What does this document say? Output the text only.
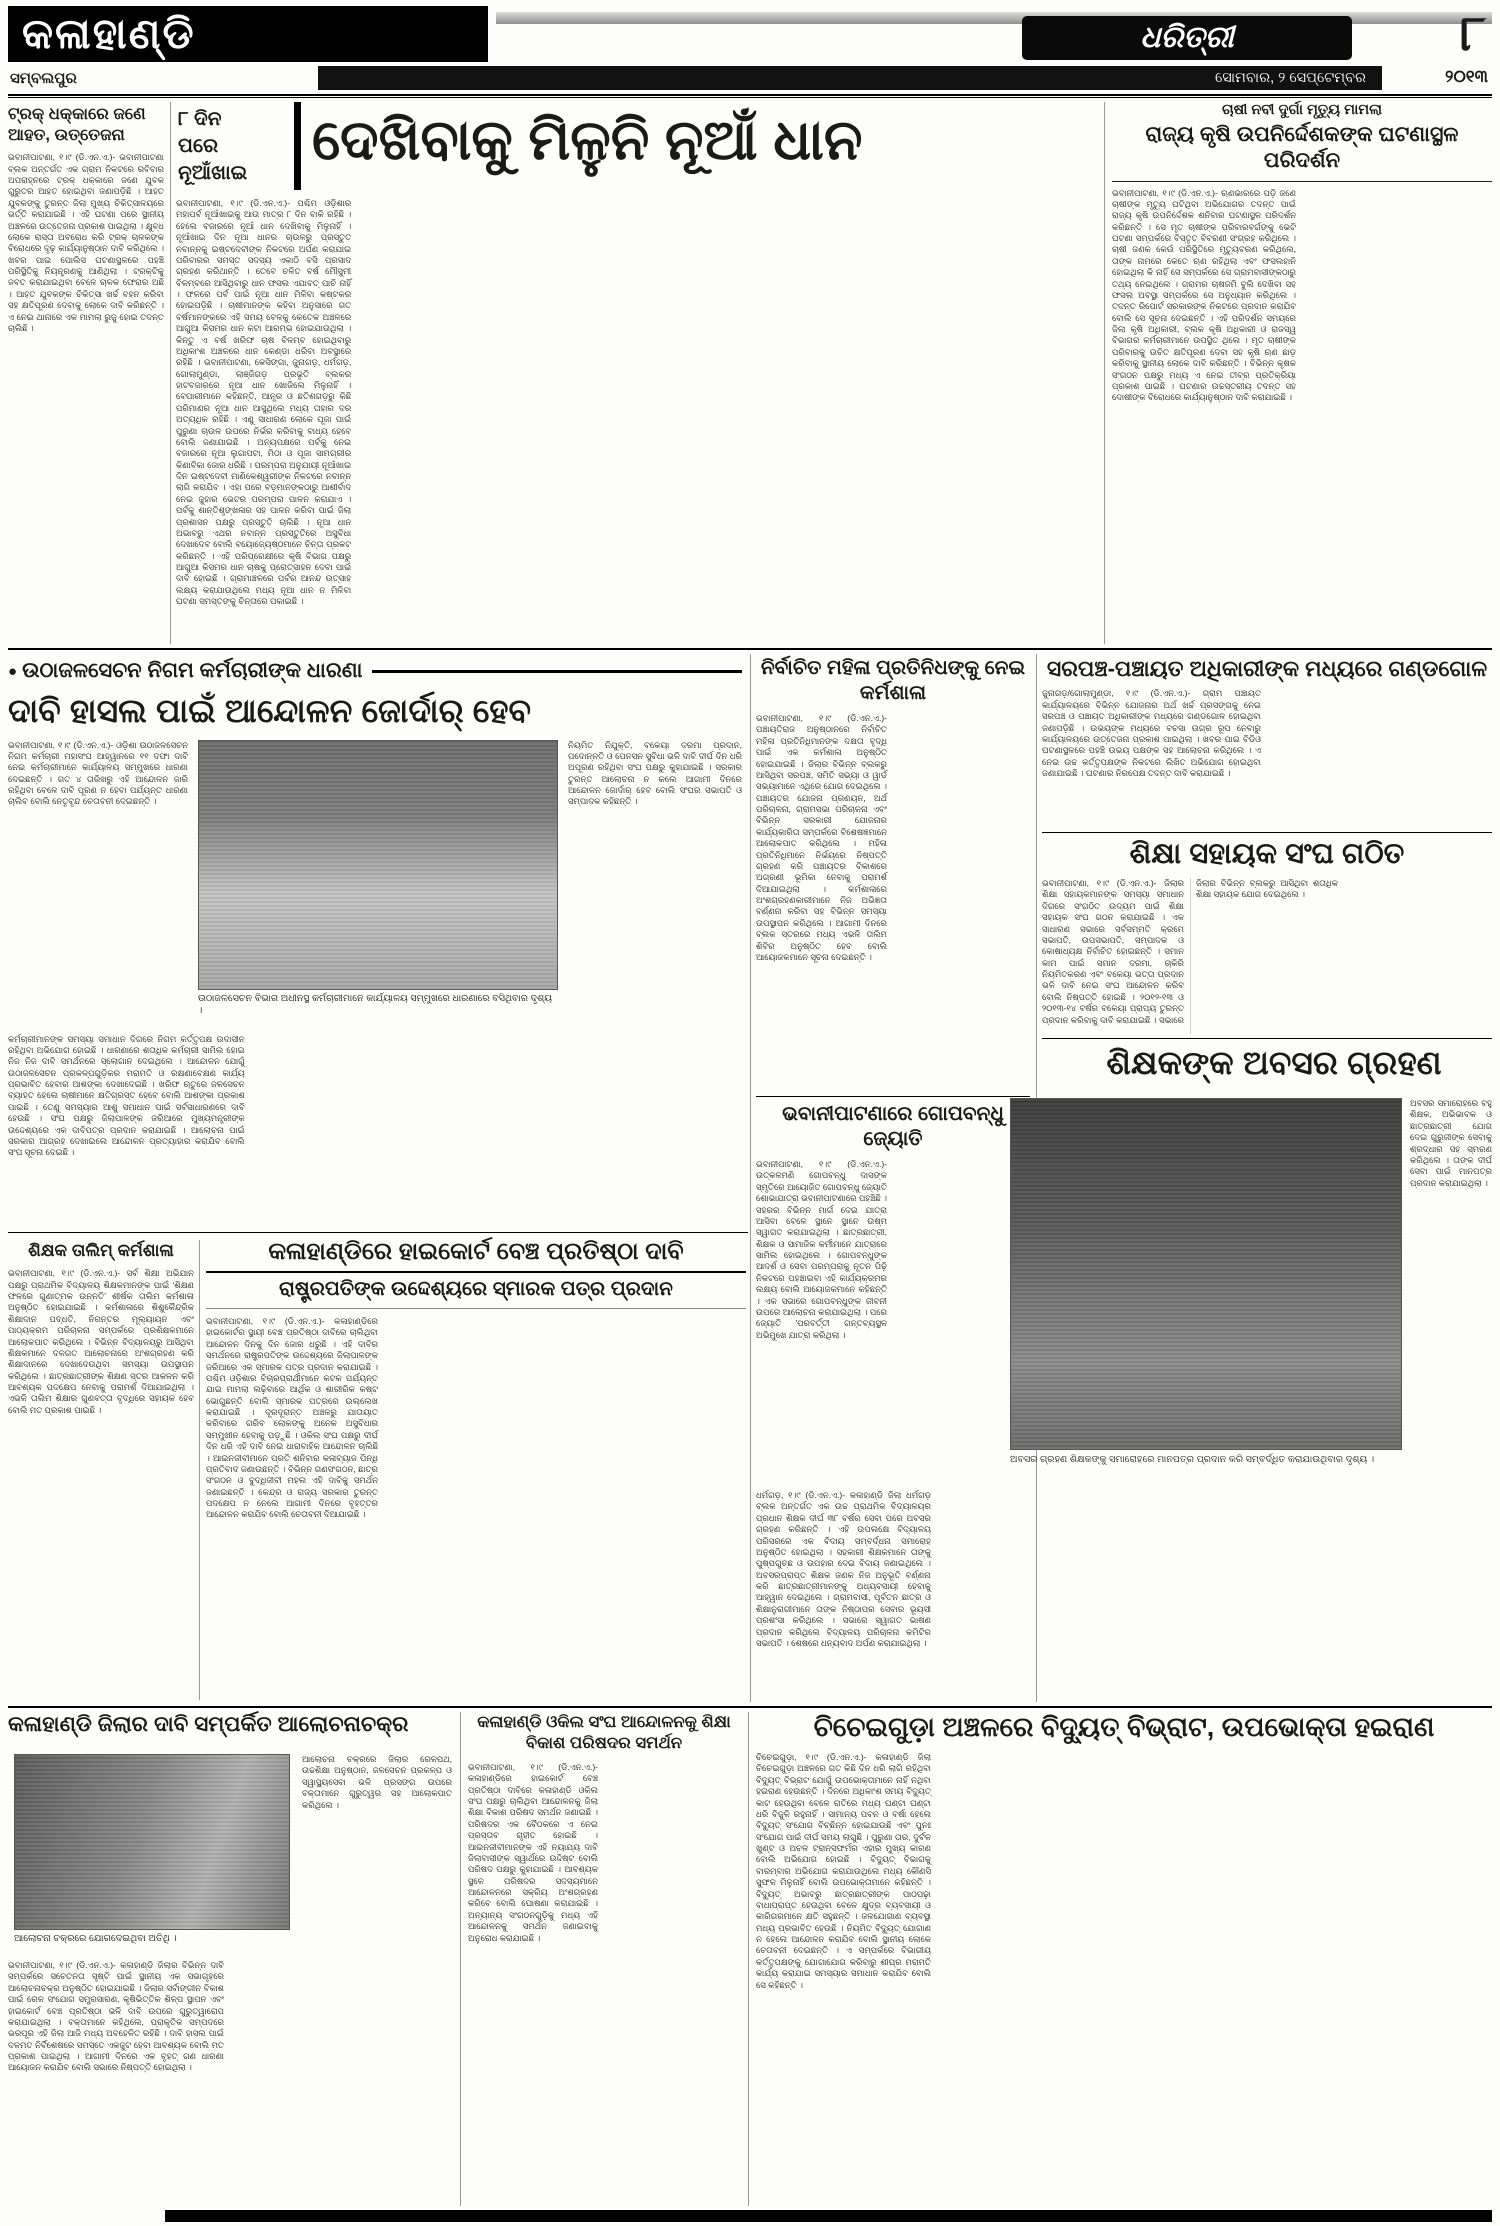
କଳାହାଣ୍ଡି	ଧରିତ୍ରୀ	୮
ସମ୍ବଲପୁର	ସୋମବାର, ୨ ସେପ୍ଟେମ୍ବର	୨୦୧୩
ଟ୍ରକ୍ ଧକ୍କାରେ ଜଣେ ଆହତ, ଉତ୍ତେଜନା
ଭବାନୀପାଟଣା, ୧।୯ (ଡି.ଏନ.ଏ.)- ଭବାନୀପାଟଣା ବ୍ଲକ ଅନ୍ତର୍ଗତ ଏକ ଗ୍ରାମ ନିକଟରେ ରବିବାର ଅପରାହ୍ନରେ ଟ୍ରକ୍ ଧକ୍କାରେ ଜଣେ ଯୁବକ ଗୁରୁତର ଆହତ ହୋଇଥିବା ଜଣାପଡ଼ିଛି । ଆହତ ଯୁବକଙ୍କୁ ତୁରନ୍ତ ଜିଲା ମୁଖ୍ୟ ଚିକିତ୍ସାଳୟରେ ଭର୍ତ୍ତି କରାଯାଇଛି । ଏହି ଘଟଣା ପରେ ସ୍ଥାନୀୟ ଅଞ୍ଚଳରେ ଉତ୍ତେଜନା ପ୍ରକାଶ ପାଇଥିଲା । କ୍ଷୁବ୍ଧ ଲୋକେ ରାସ୍ତା ଅବରୋଧ କରି ଟ୍ରକ୍ ଚାଳକଙ୍କ ବିରୋଧରେ ଦୃଢ଼ କାର୍ଯ୍ୟାନୁଷ୍ଠାନ ଦାବି କରିଥିଲେ । ଖବର ପାଇ ପୋଲିସ ଘଟଣାସ୍ଥଳରେ ପହଞ୍ଚି ପରିସ୍ଥିତିକୁ ନିୟନ୍ତ୍ରଣକୁ ଆଣିଥିଲା । ଟ୍ରକ୍‌ଟିକୁ ଜବତ କରାଯାଇଥିବା ବେଳେ ଚାଳକ ଫେରାର ଅଛି । ଆହତ ଯୁବକଙ୍କ ଚିକିତ୍ସା ଖର୍ଚ୍ଚ ବହନ କରିବା ସହ କ୍ଷତିପୂରଣ ଦେବାକୁ ଲୋକେ ଦାବି କରିଛନ୍ତି । ଏ ନେଇ ଥାନାରେ ଏକ ମାମଲା ରୁଜୁ ହୋଇ ତଦନ୍ତ ଚାଲିଛି ।
୮ ଦିନ
ପରେ
ନୂଆଁଖାଇ
ଦେଖିବାକୁ ମିଳୁନି ନୂଆଁ ଧାନ
ଭବାନୀପାଟଣା, ୧।୯ (ଡି.ଏନ.ଏ.)- ପଶ୍ଚିମ ଓଡ଼ିଶାର ମହାପର୍ବ ନୂଆଁଖାଇକୁ ଆଉ ମାତ୍ର ୮ ଦିନ ବାକି ରହିଛି । ହେଲେ ବଜାରରେ ନୂଆଁ ଧାନ ଦେଖିବାକୁ ମିଳୁନାହିଁ । ନୂଆଁଖାଇ ଦିନ ନୂଆ ଧାନର ଚାଉଳରୁ ପ୍ରସ୍ତୁତ ନବାନ୍ନକୁ ଇଷ୍ଟଦେବୀଙ୍କ ନିକଟରେ ଅର୍ପଣ କରାଯାଇ ପରିବାରର ସମସ୍ତ ସଦସ୍ୟ ଏକାଠି ବସି ପ୍ରସାଦ ଗ୍ରହଣ କରିଥାନ୍ତି । ତେବେ ଚଳିତ ବର୍ଷ ମୌସୁମୀ ବିଳମ୍ବରେ ଆସିଥିବାରୁ ଧାନ ଫସଲ ଏଯାବତ୍ ପାଚି ନାହିଁ । ଫଳରେ ପର୍ବ ପାଇଁ ନୂଆ ଧାନ ମିଳିବା କଷ୍ଟକର ହୋଇପଡ଼ିଛି । ଚାଷୀମାନଙ୍କ କହିବା ଅନୁସାରେ ଗତ ବର୍ଷମାନଙ୍କରେ ଏହି ସମୟ ବେଳକୁ କେତେକ ଅଞ୍ଚଳରେ ଆଗୁଆ କିସମର ଧାନ କଟା ଆରମ୍ଭ ହୋଇଯାଉଥିଲା । କିନ୍ତୁ ଏ ବର୍ଷ ଖରିଫ ଚାଷ ବିଳମ୍ବ ହୋଇଥିବାରୁ ଅଧିକାଂଶ ଅଞ୍ଚଳରେ ଧାନ କେଣ୍ଡା ଧରିବା ଅବସ୍ଥାରେ ରହିଛି । ଭବାନୀପାଟଣା, କେସିଙ୍ଗା, ଜୁନାଗଡ଼, ଧର୍ମଗଡ଼, ଗୋଲାମୁଣ୍ଡା, ଲାଞ୍ଜିଗଡ଼ ପ୍ରଭୃତି ବ୍ଲକର ହାଟବଜାରରେ ନୂଆ ଧାନ ଖୋଜିଲେ ମିଳୁନାହିଁ । ବେପାରୀମାନେ କହିଛନ୍ତି, ଆନ୍ଧ୍ର ଓ ଛତିଶଗଡ଼ରୁ କିଛି ପରିମାଣର ନୂଆ ଧାନ ଆସୁଥିଲେ ମଧ୍ୟ ତାହାର ଦର ଅତ୍ୟଧିକ ରହିଛି । ଏଣୁ ସାଧାରଣ ଲୋକେ ପୂଜା ପାଇଁ ପୁରୁଣା ଚାଉଳ ଉପରେ ନିର୍ଭର କରିବାକୁ ବାଧ୍ୟ ହେବେ ବୋଲି ଜଣାଯାଇଛି । ଅନ୍ୟପକ୍ଷରେ ପର୍ବକୁ ନେଇ ବଜାରରେ ନୂଆ ଲୁଗାପଟା, ମିଠା ଓ ପୂଜା ସାମଗ୍ରୀର କିଣାବିକା ଜୋର ଧରିଛି । ପରମ୍ପରା ଅନୁଯାୟୀ ନୂଆଁଖାଇ ଦିନ ଇଷ୍ଟଦେବୀ ମାଣିକେଶ୍ୱରୀଙ୍କ ନିକଟରେ ନବାନ୍ନ ଲାଗି କରାଯିବ । ଏହା ପରେ ବଡ଼ମାନଙ୍କଠାରୁ ଆଶୀର୍ବାଦ ନେଇ ଜୁହାର ଭେଟର ପରମ୍ପରା ପାଳନ କରାଯାଏ । ପର୍ବକୁ ଶାନ୍ତିଶୃଙ୍ଖଳାର ସହ ପାଳନ କରିବା ପାଇଁ ଜିଲା ପ୍ରଶାସନ ପକ୍ଷରୁ ପ୍ରସ୍ତୁତି ଚାଲିଛି । ନୂଆ ଧାନ ଅଭାବରୁ ଏଥର ନବାନ୍ନ ପ୍ରସ୍ତୁତିରେ ଅସୁବିଧା ଦେଖାଦେବ ବୋଲି ବୟୋଜ୍ୟେଷ୍ଠମାନେ ଚିନ୍ତା ପ୍ରକଟ କରିଛନ୍ତି । ଏହି ପରିପ୍ରେକ୍ଷୀରେ କୃଷି ବିଭାଗ ପକ୍ଷରୁ ଆଗୁଆ କିସମର ଧାନ ଚାଷକୁ ପ୍ରୋତ୍ସାହନ ଦେବା ପାଇଁ ଦାବି ହୋଇଛି । ଗ୍ରାମାଞ୍ଚଳରେ ପର୍ବର ଆନନ୍ଦ ଉତ୍ସାହ ଲକ୍ଷ୍ୟ କରାଯାଉଥିଲେ ମଧ୍ୟ ନୂଆ ଧାନ ନ ମିଳିବା ଘଟଣା ସମସ୍ତଙ୍କୁ ଚିନ୍ତାରେ ପକାଇଛି ।
ଚାଷୀ ନବୀ ଦୁର୍ଗା ମୃତ୍ୟୁ ମାମଲା
ରାଜ୍ୟ କୃଷି ଉପନିର୍ଦ୍ଦେଶକଙ୍କ ଘଟଣାସ୍ଥଳ ପରିଦର୍ଶନ
ଭବାନୀପାଟଣା, ୧।୯ (ଡି.ଏନ.ଏ.)- ଋଣଭାରରେ ପଡ଼ି ଜଣେ ଚାଷୀଙ୍କ ମୃତ୍ୟୁ ଘଟିଥିବା ଅଭିଯୋଗର ତଦନ୍ତ ପାଇଁ ରାଜ୍ୟ କୃଷି ଉପନିର୍ଦ୍ଦେଶକ ଶନିବାର ଘଟଣାସ୍ଥଳ ପରିଦର୍ଶନ କରିଛନ୍ତି । ସେ ମୃତ ଚାଷୀଙ୍କ ପରିବାରବର୍ଗଙ୍କୁ ଭେଟି ଘଟଣା ସମ୍ପର୍କରେ ବିସ୍ତୃତ ବିବରଣୀ ସଂଗ୍ରହ କରିଥିଲେ । ଚାଷୀ ଜଣକ କେଉଁ ପରିସ୍ଥିତିରେ ମୃତ୍ୟୁବରଣ କରିଥିଲେ, ତାଙ୍କ ନାମରେ କେତେ ଋଣ ରହିଥିଲା ଏବଂ ଫସଲହାନି ହୋଇଥିଲା କି ନାହିଁ ସେ ସମ୍ପର୍କରେ ସେ ଗ୍ରାମବାସୀଙ୍କଠାରୁ ତଥ୍ୟ ନେଇଥିଲେ । ଗ୍ରାମର ଚାଷଜମି ବୁଲି ଦେଖିବା ସହ ଫସଲ ଅବସ୍ଥା ସମ୍ପର୍କରେ ସେ ଅନୁଧ୍ୟାନ କରିଥିଲେ । ତଦନ୍ତ ରିପୋର୍ଟ ସରକାରଙ୍କ ନିକଟରେ ପ୍ରଦାନ କରାଯିବ ବୋଲି ସେ ସୂଚନା ଦେଇଛନ୍ତି । ଏହି ପରିଦର୍ଶନ ସମୟରେ ଜିଲା କୃଷି ଅଧିକାରୀ, ବ୍ଲକ କୃଷି ଅଧିକାରୀ ଓ ରାଜସ୍ୱ ବିଭାଗର କର୍ମଚାରୀମାନେ ଉପସ୍ଥିତ ଥିଲେ । ମୃତ ଚାଷୀଙ୍କ ପରିବାରକୁ ଉଚିତ କ୍ଷତିପୂରଣ ଦେବା ସହ କୃଷି ଋଣ ଛାଡ଼ କରିବାକୁ ସ୍ଥାନୀୟ ଲୋକେ ଦାବି କରିଛନ୍ତି । ବିଭିନ୍ନ କୃଷକ ସଂଗଠନ ପକ୍ଷରୁ ମଧ୍ୟ ଏ ନେଇ ତୀବ୍ର ପ୍ରତିକ୍ରିୟା ପ୍ରକାଶ ପାଇଛି । ଘଟଣାର ଉଚ୍ଚସ୍ତରୀୟ ତଦନ୍ତ ସହ ଦୋଷୀଙ୍କ ବିରୋଧରେ କାର୍ଯ୍ୟାନୁଷ୍ଠାନ ଦାବି କରାଯାଇଛି ।
● ଉଠାଜଳସେଚନ ନିଗମ କର୍ମଚାରୀଙ୍କ ଧାରଣା
ଦାବି ହାସଲ ପାଇଁ ଆନ୍ଦୋଳନ ଜୋର୍ଦାର୍ ହେବ
ଭବାନୀପାଟଣା, ୧।୯ (ଡି.ଏନ.ଏ.)- ଓଡ଼ିଶା ଉଠାଜଳସେଚନ ନିଗମ କର୍ମଚାରୀ ମହାସଂଘ ଆହ୍ୱାନରେ ୧୧ ଦଫା ଦାବି ନେଇ କର୍ମଚାରୀମାନେ କାର୍ଯ୍ୟାଳୟ ସମ୍ମୁଖରେ ଧାରଣା ଦେଇଛନ୍ତି । ଗତ ୪ ତାରିଖରୁ ଏହି ଆନ୍ଦୋଳନ ଜାରି ରହିଥିବା ବେଳେ ଦାବି ପୂରଣ ନ ହେବା ପର୍ଯ୍ୟନ୍ତ ଧାରଣା ଚାଲିବ ବୋଲି ନେତୃବୃନ୍ଦ ଚେତାବନୀ ଦେଇଛନ୍ତି ।
ଉଠାଜଳସେଚନ ବିଭାଗ ଅଧୀନସ୍ଥ କର୍ମଚାରୀମାନେ କାର୍ଯ୍ୟାଳୟ ସମ୍ମୁଖରେ ଧାରଣାରେ ବସିଥିବାର ଦୃଶ୍ୟ ।
ନିୟମିତ ନିଯୁକ୍ତି, ବକେୟା ଦରମା ପ୍ରଦାନ, ପଦୋନ୍ନତି ଓ ପେନସନ ସୁବିଧା ଭଳି ଦାବି ଦୀର୍ଘ ଦିନ ଧରି ଅପୂରଣ ରହିଥିବା ସଂଘ ପକ୍ଷରୁ କୁହାଯାଇଛି । ସରକାର ତୁରନ୍ତ ଆଲୋଚନା ନ କଲେ ଆଗାମୀ ଦିନରେ ଆନ୍ଦୋଳନ ଜୋର୍ଦାର୍ ହେବ ବୋଲି ସଂଘର ସଭାପତି ଓ ସମ୍ପାଦକ କହିଛନ୍ତି ।
କର୍ମଚାରୀମାନଙ୍କ ସମସ୍ୟା ସମାଧାନ ଦିଗରେ ନିଗମ କର୍ତ୍ତୃପକ୍ଷ ଉଦାସୀନ ରହିଥିବା ଅଭିଯୋଗ ହୋଇଛି । ଧାରଣାରେ ଶତାଧିକ କର୍ମଚାରୀ ସାମିଲ ହୋଇ ନିଜ ନିଜ ଦାବି ସମର୍ଥନରେ ସ୍ଲୋଗାନ ଦେଇଥିଲେ । ଆନ୍ଦୋଳନ ଯୋଗୁଁ ଉଠାଜଳସେଚନ ପ୍ରକଳ୍ପଗୁଡ଼ିକର ମରାମତି ଓ ରକ୍ଷଣାବେକ୍ଷଣ କାର୍ଯ୍ୟ ପ୍ରଭାବିତ ହେବାର ଆଶଙ୍କା ଦେଖାଦେଇଛି । ଖରିଫ ଋତୁରେ ଜଳସେଚନ ବ୍ୟାହତ ହେଲେ ଚାଷୀମାନେ କ୍ଷତିଗ୍ରସ୍ତ ହେବେ ବୋଲି ଆଶଙ୍କା ପ୍ରକାଶ ପାଇଛି । ତେଣୁ ସମସ୍ୟାର ଆଶୁ ସମାଧାନ ପାଇଁ ସର୍ବସାଧାରଣରେ ଦାବି ହେଉଛି । ସଂଘ ପକ୍ଷରୁ ଜିଲାପାଳଙ୍କ ଜରିଆରେ ମୁଖ୍ୟମନ୍ତ୍ରୀଙ୍କ ଉଦ୍ଦେଶ୍ୟରେ ଏକ ଦାବିପତ୍ର ପ୍ରଦାନ କରାଯାଇଛି । ଆଲୋଚନା ପାଇଁ ସରକାର ଆଗ୍ରହ ଦେଖାଇଲେ ଆନ୍ଦୋଳନ ପ୍ରତ୍ୟାହାର କରାଯିବ ବୋଲି ସଂଘ ସୂଚନା ଦେଇଛି ।
ଶିକ୍ଷକ ତାଲିମ୍ କର୍ମଶାଳା
ଭବାନୀପାଟଣା, ୧।୯ (ଡି.ଏନ.ଏ.)- ସର୍ବ ଶିକ୍ଷା ଅଭିଯାନ ପକ୍ଷରୁ ପ୍ରାଥମିକ ବିଦ୍ୟାଳୟ ଶିକ୍ଷକମାନଙ୍କ ପାଇଁ ‘ଶିକ୍ଷଣ ଫଳରେ ଗୁଣାତ୍ମକ ଉନ୍ନତି’ ଶୀର୍ଷକ ତାଲିମ କର୍ମଶାଳା ଅନୁଷ୍ଠିତ ହୋଇଯାଇଛି । କର୍ମଶାଳାରେ ଶିଶୁକୈନ୍ଦ୍ରିକ ଶିକ୍ଷାଦାନ ପଦ୍ଧତି, ନିରନ୍ତର ମୂଲ୍ୟାୟନ ଏବଂ ପାଠ୍ୟକ୍ରମ ପରିଚାଳନା ସମ୍ପର୍କରେ ପ୍ରଶିକ୍ଷକମାନେ ଆଲୋକପାତ କରିଥିଲେ । ବିଭିନ୍ନ ବିଦ୍ୟାଳୟରୁ ଆସିଥିବା ଶିକ୍ଷକମାନେ ଦଳଗତ ଆଲୋଚନାରେ ଅଂଶଗ୍ରହଣ କରି ଶିକ୍ଷାଦାନରେ ଦେଖାଦେଉଥିବା ସମସ୍ୟା ଉପସ୍ଥାପନ କରିଥିଲେ । ଛାତ୍ରଛାତ୍ରୀଙ୍କ ଶିକ୍ଷଣ ସ୍ତର ଆକଳନ କରି ଆବଶ୍ୟକ ପଦକ୍ଷେପ ନେବାକୁ ପରାମର୍ଶ ଦିଆଯାଇଥିଲା । ଏଭଳି ତାଲିମ ଶିକ୍ଷାର ଗୁଣବତ୍ତା ବୃଦ୍ଧିରେ ସହାୟକ ହେବ ବୋଲି ମତ ପ୍ରକାଶ ପାଇଛି ।
କଳାହାଣ୍ଡିରେ ହାଇକୋର୍ଟ ବେଞ୍ଚ ପ୍ରତିଷ୍ଠା ଦାବି
ରାଷ୍ଟ୍ରପତିଙ୍କ ଉଦ୍ଦେଶ୍ୟରେ ସ୍ମାରକ ପତ୍ର ପ୍ରଦାନ
ଭବାନୀପାଟଣା, ୧।୯ (ଡି.ଏନ.ଏ.)- କଳାହାଣ୍ଡିରେ ହାଇକୋର୍ଟର ସ୍ଥାୟୀ ବେଞ୍ଚ ପ୍ରତିଷ୍ଠା ଦାବିରେ ଚାଲିଥିବା ଆନ୍ଦୋଳନ ଦିନକୁ ଦିନ ଜୋର ଧରୁଛି । ଏହି ଦାବିର ସମର୍ଥନରେ ରାଷ୍ଟ୍ରପତିଙ୍କ ଉଦ୍ଦେଶ୍ୟରେ ଜିଲାପାଳଙ୍କ ଜରିଆରେ ଏକ ସ୍ମାରକ ପତ୍ର ପ୍ରଦାନ କରାଯାଇଛି । ପଶ୍ଚିମ ଓଡ଼ିଶାର ବିଚାରପ୍ରାର୍ଥୀମାନେ କଟକ ପର୍ଯ୍ୟନ୍ତ ଯାଇ ମାମଲା ଲଢ଼ିବାରେ ଆର୍ଥିକ ଓ ଶାରୀରିକ କଷ୍ଟ ଭୋଗୁଛନ୍ତି ବୋଲି ସ୍ମାରକ ପତ୍ରରେ ଉଲ୍ଲେଖ କରାଯାଇଛି । ଦୂରଦୂରାନ୍ତ ଅଞ୍ଚଳରୁ ଯାତାୟାତ କରିବାରେ ଗରିବ ଲୋକଙ୍କୁ ଅନେକ ଅସୁବିଧାର ସମ୍ମୁଖୀନ ହେବାକୁ ପଡ଼ୁଛି । ଓକିଲ ସଂଘ ପକ୍ଷରୁ ଦୀର୍ଘ ଦିନ ଧରି ଏହି ଦାବି ନେଇ ଧାରାବାହିକ ଆନ୍ଦୋଳନ ଚାଲିଛି । ଆଇନଜୀବୀମାନେ ପ୍ରତି ଶନିବାର କଳାବ୍ୟାଜ ପିନ୍ଧି ପ୍ରତିବାଦ ଜଣାଉଛନ୍ତି । ବିଭିନ୍ନ ଗଣସଂଗଠନ, ଛାତ୍ର ସଂଗଠନ ଓ ବୁଦ୍ଧିଜୀବୀ ମହଲ ଏହି ଦାବିକୁ ସମର୍ଥନ ଜଣାଇଛନ୍ତି । କେନ୍ଦ୍ର ଓ ରାଜ୍ୟ ସରକାର ତୁରନ୍ତ ପଦକ୍ଷେପ ନ ନେଲେ ଆଗାମୀ ଦିନରେ ବୃହତ୍ତର ଆନ୍ଦୋଳନ କରାଯିବ ବୋଲି ଚେତାବନୀ ଦିଆଯାଇଛି ।
ନିର୍ବାଚିତ ମହିଳା ପ୍ରତିନିଧଙ୍କୁ ନେଇ କର୍ମଶାଳା
ଭବାନୀପାଟଣା, ୧।୯ (ଡି.ଏନ.ଏ.)- ପଞ୍ଚାୟତିରାଜ ଅନୁଷ୍ଠାନରେ ନିର୍ବାଚିତ ମହିଳା ପ୍ରତିନିଧିମାନଙ୍କ ଦକ୍ଷତା ବୃଦ୍ଧି ପାଇଁ ଏକ କର୍ମଶାଳା ଅନୁଷ୍ଠିତ ହୋଇଯାଇଛି । ଜିଲାର ବିଭିନ୍ନ ବ୍ଲକରୁ ଆସିଥିବା ସରପଞ୍ଚ, ସମିତି ସଭ୍ୟା ଓ ୱାର୍ଡ ସଭ୍ୟାମାନେ ଏଥିରେ ଯୋଗ ଦେଇଥିଲେ । ପଞ୍ଚାୟତର ଯୋଜନା ପ୍ରଣୟନ, ଅର୍ଥ ପରିଚାଳନା, ଗ୍ରାମସଭା ପରିଚାଳନା ଏବଂ ବିଭିନ୍ନ ସରକାରୀ ଯୋଜନାର କାର୍ଯ୍ୟକାରିତା ସମ୍ପର୍କରେ ବିଶେଷଜ୍ଞମାନେ ଆଲୋକପାତ କରିଥିଲେ । ମହିଳା ପ୍ରତିନିଧିମାନେ ନିର୍ଭୟରେ ନିଷ୍ପତ୍ତି ଗ୍ରହଣ କରି ପଞ୍ଚାୟତର ବିକାଶରେ ଅଗ୍ରଣୀ ଭୂମିକା ନେବାକୁ ପରାମର୍ଶ ଦିଆଯାଇଥିଲା । କର୍ମଶାଳାରେ ଅଂଶଗ୍ରହଣକାରୀମାନେ ନିଜ ଅଭିଜ୍ଞତା ବର୍ଣ୍ଣନା କରିବା ସହ ବିଭିନ୍ନ ସମସ୍ୟା ଉପସ୍ଥାପନ କରିଥିଲେ । ଆଗାମୀ ଦିନରେ ବ୍ଲକ ସ୍ତରରେ ମଧ୍ୟ ଏଭଳି ତାଲିମ ଶିବିର ଅନୁଷ୍ଠିତ ହେବ ବୋଲି ଆୟୋଜକମାନେ ସୂଚନା ଦେଇଛନ୍ତି ।
ଭବାନୀପାଟଣାରେ ଗୋପବନ୍ଧୁ ଜ୍ୟୋତି
ଭବାନୀପାଟଣା, ୧।୯ (ଡି.ଏନ.ଏ.)- ଉତ୍କଳମଣି ଗୋପବନ୍ଧୁ ଦାସଙ୍କ ସ୍ମୃତିରେ ଆୟୋଜିତ ଗୋପବନ୍ଧୁ ଜ୍ୟୋତି ଶୋଭାଯାତ୍ରା ଭବାନୀପାଟଣାରେ ପହଞ୍ଚିଛି । ସହରର ବିଭିନ୍ନ ମାର୍ଗ ଦେଇ ଯାତ୍ରା ଆସିବା ବେଳେ ସ୍ଥାନେ ସ୍ଥାନେ ଉଷ୍ମ ସ୍ୱାଗତ କରାଯାଇଥିଲା । ଛାତ୍ରଛାତ୍ରୀ, ଶିକ୍ଷକ ଓ ସାମାଜିକ କର୍ମୀମାନେ ଯାତ୍ରାରେ ସାମିଲ ହୋଇଥିଲେ । ଗୋପବନ୍ଧୁଙ୍କ ଆଦର୍ଶ ଓ ସେବା ପରମ୍ପରାକୁ ନୂତନ ପିଢ଼ି ନିକଟରେ ପହଞ୍ଚାଇବା ଏହି କାର୍ଯ୍ୟକ୍ରମର ଲକ୍ଷ୍ୟ ବୋଲି ଆୟୋଜକମାନେ କହିଛନ୍ତି । ଏକ ସଭାରେ ଗୋପବନ୍ଧୁଙ୍କ ଜୀବନୀ ଉପରେ ଆଲୋଚନା କରାଯାଇଥିଲା । ପରେ ଜ୍ୟୋତି 'ପରବର୍ତ୍ତୀ ଗନ୍ତବ୍ୟସ୍ଥଳ ଅଭିମୁଖେ ଯାତ୍ରା କରିଥିଲା ।
ସରପଞ୍ଚ-ପଞ୍ଚାୟତ ଅଧିକାରୀଙ୍କ ମଧ୍ୟରେ ଗଣ୍ଡଗୋଳ
ଜୁନାଗଡ଼/ଗୋଲାମୁଣ୍ଡା, ୧।୯ (ଡି.ଏନ.ଏ.)- ଗ୍ରାମ ପଞ୍ଚାୟତ କାର୍ଯ୍ୟାଳୟରେ ବିଭିନ୍ନ ଯୋଜନାର ଅର୍ଥ ଖର୍ଚ୍ଚ ପ୍ରସଙ୍ଗକୁ ନେଇ ସରପଞ୍ଚ ଓ ପଞ୍ଚାୟତ ଅଧିକାରୀଙ୍କ ମଧ୍ୟରେ ଗଣ୍ଡଗୋଳ ହୋଇଥିବା ଜଣାପଡ଼ିଛି । ଉଭୟଙ୍କ ମଧ୍ୟରେ ବଚସା ଉଗ୍ର ରୂପ ନେବାରୁ କାର୍ଯ୍ୟାଳୟରେ ଉତ୍ତେଜନା ପ୍ରକାଶ ପାଇଥିଲା । ଖବର ପାଇ ବିଡିଓ ଘଟଣାସ୍ଥଳରେ ପହଞ୍ଚି ଉଭୟ ପକ୍ଷଙ୍କ ସହ ଆଲୋଚନା କରିଥିଲେ । ଏ ନେଇ ଉଚ୍ଚ କର୍ତ୍ତୃପକ୍ଷଙ୍କ ନିକଟରେ ଲିଖିତ ଅଭିଯୋଗ ହୋଇଥିବା ଜଣାଯାଇଛି । ଘଟଣାର ନିରପେକ୍ଷ ତଦନ୍ତ ଦାବି କରାଯାଇଛି ।
ଶିକ୍ଷା ସହାୟକ ସଂଘ ଗଠିତ
ଭବାନୀପାଟଣା, ୧।୯ (ଡି.ଏନ.ଏ.)- ଜିଲାର ଶିକ୍ଷା ସହାୟକମାନଙ୍କ ସମସ୍ୟା ସମାଧାନ ଦିଗରେ ସଂଗଠିତ ଉଦ୍ୟମ ପାଇଁ ଶିକ୍ଷା ସହାୟକ ସଂଘ ଗଠନ କରାଯାଇଛି । ଏକ ସାଧାରଣ ସଭାରେ ସର୍ବସମ୍ମତି କ୍ରମେ ସଭାପତି, ଉପସଭାପତି, ସମ୍ପାଦକ ଓ କୋଷାଧ୍ୟକ୍ଷ ନିର୍ବାଚିତ ହୋଇଛନ୍ତି । ସମାନ କାମ ପାଇଁ ସମାନ ଦରମା, ଚାକିରି ନିୟମିତକରଣ ଏବଂ ବକେୟା ଭତ୍ତା ପ୍ରଦାନ ଭଳି ଦାବି ନେଇ ସଂଘ ଆନ୍ଦୋଳନ କରିବ ବୋଲି ନିଷ୍ପତ୍ତି ହୋଇଛି । ୨୦୧୨-୧୩ ଓ ୨୦୧୩-୧୪ ବର୍ଷର ବକେୟା ପ୍ରାପ୍ୟ ତୁରନ୍ତ ପ୍ରଦାନ କରିବାକୁ ଦାବି କରାଯାଇଛି । ସଭାରେ ଜିଲାର ବିଭିନ୍ନ ବ୍ଲକରୁ ଆସିଥିବା ଶତାଧିକ ଶିକ୍ଷା ସହାୟକ ଯୋଗ ଦେଇଥିଲେ ।
ଶିକ୍ଷକଙ୍କ ଅବସର ଗ୍ରହଣ
ଅବସର ସମାରୋହରେ ବହୁ ଶିକ୍ଷକ, ଅଭିଭାବକ ଓ ଛାତ୍ରଛାତ୍ରୀ ଯୋଗ ଦେଇ ଗୁରୁଜୀଙ୍କ ସେବାକୁ ଶ୍ରଦ୍ଧାର ସହ ସ୍ମରଣ କରିଥିଲେ । ତାଙ୍କ ଦୀର୍ଘ ସେବା ପାଇଁ ମାନପତ୍ର ପ୍ରଦାନ କରାଯାଇଥିଲା ।
ଅବସର ଗ୍ରହଣ ଶିକ୍ଷକଙ୍କୁ ସମାରୋହରେ ମାନପତ୍ର ପ୍ରଦାନ କରି ସମ୍ବର୍ଦ୍ଧିତ କରାଯାଉଥିବାର ଦୃଶ୍ୟ ।
ଧର୍ମଗଡ଼, ୧।୯ (ଡି.ଏନ.ଏ.)- କଳାହାଣ୍ଡି ଜିଲା ଧର୍ମଗଡ଼ ବ୍ଲକ ଅନ୍ତର୍ଗତ ଏକ ଉଚ୍ଚ ପ୍ରାଥମିକ ବିଦ୍ୟାଳୟର ପ୍ରଧାନ ଶିକ୍ଷକ ଦୀର୍ଘ ୩୮ ବର୍ଷର ସେବା ପରେ ଅବସର ଗ୍ରହଣ କରିଛନ୍ତି । ଏହି ଉପଲକ୍ଷେ ବିଦ୍ୟାଳୟ ପରିସରରେ ଏକ ବିଦାୟ ସମ୍ବର୍ଦ୍ଧନା ସମାରୋହ ଅନୁଷ୍ଠିତ ହୋଇଥିଲା । ସହକାରୀ ଶିକ୍ଷକମାନେ ତାଙ୍କୁ ପୁଷ୍ପଗୁଚ୍ଛ ଓ ଉପହାର ଦେଇ ବିଦାୟ ଜଣାଇଥିଲେ । ଅବସରପ୍ରାପ୍ତ ଶିକ୍ଷକ ଜଣକ ନିଜ ଅନୁଭୂତି ବର୍ଣ୍ଣନା କରି ଛାତ୍ରଛାତ୍ରୀମାନଙ୍କୁ ଅଧ୍ୟବସାୟୀ ହେବାକୁ ଆହ୍ୱାନ ଦେଇଥିଲେ । ଗ୍ରାମବାସୀ, ପୂର୍ବତନ ଛାତ୍ର ଓ ଶିକ୍ଷାନୁରାଗୀମାନେ ତାଙ୍କ ନିଷ୍ଠାପର ସେବାର ଭୂୟସୀ ପ୍ରଶଂସା କରିଥିଲେ । ସଭାରେ ସ୍ୱାଗତ ଭାଷଣ ପ୍ରଦାନ କରିଥିଲେ ବିଦ୍ୟାଳୟ ପରିଚାଳନା କମିଟିର ସଭାପତି । ଶେଷରେ ଧନ୍ୟବାଦ ଅର୍ପଣ କରାଯାଇଥିଲା ।
କଳାହାଣ୍ଡି ଜିଲାର ଦାବି ସମ୍ପର୍କିତ ଆଲୋଚନାଚକ୍ର
ଆଲୋଚନା ଚକ୍ରରେ ଯୋଗଦେଇଥିବା ଅତିଥି ।
ଆଲୋଚନା ଚକ୍ରରେ ଜିଲାର ରେଳପଥ, ଉଚ୍ଚଶିକ୍ଷା ଅନୁଷ୍ଠାନ, ଜଳସେଚନ ପ୍ରକଳ୍ପ ଓ ସ୍ୱାସ୍ଥ୍ୟସେବା ଭଳି ପ୍ରସଙ୍ଗ ଉପରେ ବକ୍ତାମାନେ ଗୁରୁତ୍ୱର ସହ ଆଲୋକପାତ କରିଥିଲେ ।
ଭବାନୀପାଟଣା, ୧।୯ (ଡି.ଏନ.ଏ.)- କଳାହାଣ୍ଡି ଜିଲାର ବିଭିନ୍ନ ଦାବି ସମ୍ପର୍କରେ ସଚେତନତା ସୃଷ୍ଟି ପାଇଁ ସ୍ଥାନୀୟ ଏକ ସଭାଗୃହରେ ଆଲୋଚନାଚକ୍ର ଅନୁଷ୍ଠିତ ହୋଇଯାଇଛି । ଜିଲାର ସର୍ବାଙ୍ଗୀନ ବିକାଶ ପାଇଁ ରେଳ ସଂଯୋଗ ସମ୍ପ୍ରସାରଣ, କୃଷିଭିତ୍ତିକ ଶିଳ୍ପ ସ୍ଥାପନ ଏବଂ ହାଇକୋର୍ଟ ବେଞ୍ଚ ପ୍ରତିଷ୍ଠା ଭଳି ଦାବି ଉପରେ ଗୁରୁତ୍ୱାରୋପ କରାଯାଇଥିଲା । ବକ୍ତାମାନେ କହିଥିଲେ, ପ୍ରାକୃତିକ ସମ୍ପଦରେ ଭରପୂର ଏହି ଜିଲା ଆଜି ମଧ୍ୟ ଅବହେଳିତ ରହିଛି । ଦାବି ହାସଲ ପାଇଁ ଦଳମତ ନିର୍ବିଶେଷରେ ସମସ୍ତେ ଏକଜୁଟ ହେବା ଆବଶ୍ୟକ ବୋଲି ମତ ପ୍ରକାଶ ପାଇଥିଲା । ଆଗାମୀ ଦିନରେ ଏକ ବୃହତ୍ ଗଣ ଧାରଣା ଆୟୋଜନ କରାଯିବ ବୋଲି ସଭାରେ ନିଷ୍ପତ୍ତି ହୋଇଥିଲା ।
କଳାହାଣ୍ଡି ଓକିଲ ସଂଘ ଆନ୍ଦୋଳନକୁ ଶିକ୍ଷା ବିକାଶ ପରିଷଦର ସମର୍ଥନ
ଭବାନୀପାଟଣା, ୧।୯ (ଡି.ଏନ.ଏ.)- କଳାହାଣ୍ଡିରେ ହାଇକୋର୍ଟ ବେଞ୍ଚ ପ୍ରତିଷ୍ଠା ଦାବିରେ କଳାହାଣ୍ଡି ଓକିଲ ସଂଘ ପକ୍ଷରୁ ଚାଲିଥିବା ଆନ୍ଦୋଳନକୁ ଜିଲା ଶିକ୍ଷା ବିକାଶ ପରିଷଦ ସମର୍ଥନ ଜଣାଇଛି । ପରିଷଦର ଏକ ବୈଠକରେ ଏ ନେଇ ପ୍ରସ୍ତାବ ଗୃହୀତ ହୋଇଛି । ଆଇନଜୀବୀମାନଙ୍କ ଏହି ନ୍ୟାଯ୍ୟ ଦାବି ଜିଲାବାସୀଙ୍କ ସ୍ୱାର୍ଥରେ ଉଦ୍ଦିଷ୍ଟ ବୋଲି ପରିଷଦ ପକ୍ଷରୁ କୁହାଯାଇଛି । ଆବଶ୍ୟକ ସ୍ଥଳେ ପରିଷଦର ସଦସ୍ୟମାନେ ଆନ୍ଦୋଳନରେ ସକ୍ରିୟ ଅଂଶଗ୍ରହଣ କରିବେ ବୋଲି ଘୋଷଣା କରାଯାଇଛି । ଅନ୍ୟାନ୍ୟ ସଂଗଠନଗୁଡ଼ିକୁ ମଧ୍ୟ ଏହି ଆନ୍ଦୋଳନକୁ ସମର୍ଥନ ଜଣାଇବାକୁ ଅନୁରୋଧ କରାଯାଇଛି ।
ଚିଚେଇଗୁଡ଼ା ଅଞ୍ଚଳରେ ବିଦ୍ୟୁତ୍ ବିଭ୍ରାଟ, ଉପଭୋକ୍ତା ହଇରାଣ
ଚିଚେଇଗୁଡ଼ା, ୧।୯ (ଡି.ଏନ.ଏ.)- କଳାହାଣ୍ଡି ଜିଲା ଚିଚେଇଗୁଡ଼ା ଅଞ୍ଚଳରେ ଗତ କିଛି ଦିନ ଧରି ଲାଗି ରହିଥିବା ବିଦ୍ୟୁତ୍ ବିଭ୍ରାଟ ଯୋଗୁଁ ଉପଭୋକ୍ତାମାନେ ନାହିଁ ନଥିବା ହଇରାଣ ହେଉଛନ୍ତି । ଦିନରେ ଅଧିକାଂଶ ସମୟ ବିଦ୍ୟୁତ୍ କାଟ ହେଉଥିବା ବେଳେ ରାତିରେ ମଧ୍ୟ ଘଣ୍ଟା ଘଣ୍ଟା ଧରି ବିଜୁଳି ରହୁନାହିଁ । ସାମାନ୍ୟ ପବନ ଓ ବର୍ଷା ହେଲେ ବିଦ୍ୟୁତ୍ ସଂଯୋଗ ବିଚ୍ଛିନ୍ନ ହୋଇଯାଉଛି ଏବଂ ପୁନଃ ସଂଯୋଗ ପାଇଁ ଦୀର୍ଘ ସମୟ ଲାଗୁଛି । ପୁରୁଣା ତାର, ଦୁର୍ବଳ ଖୁଣ୍ଟ ଓ ଅଚଳ ଟ୍ରାନ୍ସଫର୍ମର ଏହାର ମୁଖ୍ୟ କାରଣ ବୋଲି ଅଭିଯୋଗ ହୋଇଛି । ବିଦ୍ୟୁତ୍ ବିଭାଗକୁ ବାରମ୍ବାର ଅଭିଯୋଗ କରାଯାଉଥିଲେ ମଧ୍ୟ କୌଣସି ସୁଫଳ ମିଳୁନାହିଁ ବୋଲି ଉପଭୋକ୍ତାମାନେ କହିଛନ୍ତି । ବିଦ୍ୟୁତ୍ ଅଭାବରୁ ଛାତ୍ରଛାତ୍ରୀଙ୍କ ପାଠପଢ଼ା ବାଧାପ୍ରାପ୍ତ ହେଉଥିବା ବେଳେ କ୍ଷୁଦ୍ର ବ୍ୟବସାୟୀ ଓ କାରିଗରମାନେ କ୍ଷତି ସହୁଛନ୍ତି । ଜଳଯୋଗାଣ ବ୍ୟବସ୍ଥା ମଧ୍ୟ ପ୍ରଭାବିତ ହେଉଛି । ନିୟମିତ ବିଦ୍ୟୁତ୍ ଯୋଗାଣ ନ ହେଲେ ଆନ୍ଦୋଳନ କରାଯିବ ବୋଲି ସ୍ଥାନୀୟ ଲୋକେ ଚେତାବନୀ ଦେଇଛନ୍ତି । ଏ ସମ୍ପର୍କରେ ବିଭାଗୀୟ କର୍ତ୍ତୃପକ୍ଷଙ୍କୁ ଯୋଗାଯୋଗ କରିବାରୁ ଶୀଘ୍ର ମରାମତି କାର୍ଯ୍ୟ କରାଯାଇ ସମସ୍ୟାର ସମାଧାନ କରାଯିବ ବୋଲି ସେ କହିଛନ୍ତି ।
